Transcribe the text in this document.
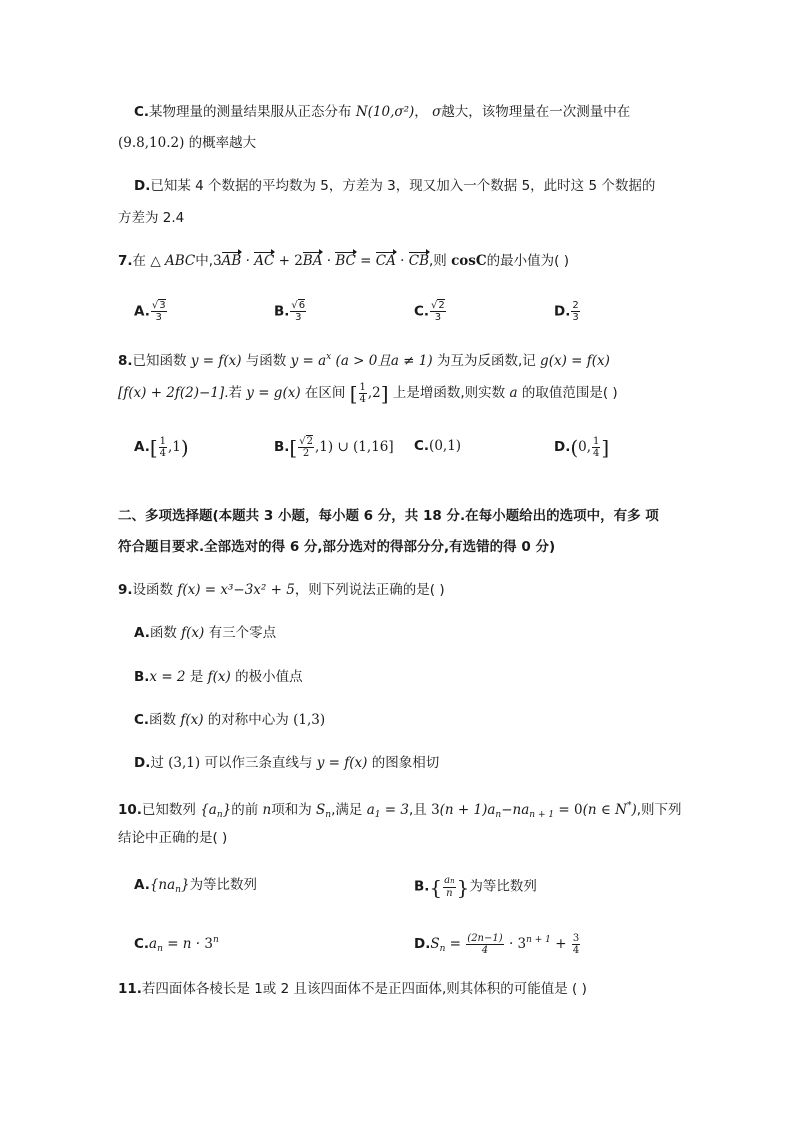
C.某物理量的测量结果服从正态分布 N(10,σ²)， σ越大，该物理量在一次测量中在
(9.8,10.2) 的概率越大
D.已知某 4 个数据的平均数为 5，方差为 3，现又加入一个数据 5，此时这 5 个数据的
方差为 2.4
7.在 △ ABC中,3AB · AC + 2BA · BC = CA · CB,则 cosC的最小值为( )
A. $\frac{√3}{3}$	B. $\frac{√6}{3}$	C. $\frac{√2}{3}$	D. $\frac{2}{3}$
8.已知函数 y = f(x) 与函数 $y = a^x$ (a > 0且a ≠ 1) 为互为反函数,记 g(x) = f(x)
[f(x) + 2f(2)−1].若 y = g(x) 在区间 [ $\frac{1}{4} ,2$] 上是增函数,则实数 a 的取值范围是( )
$A.[ \frac{1}{4} ,1)$	$B.[ \frac{√2}{2} ,1)$ ∪ (1,16] C.(0,1)	D.(0, $\frac{1}{4}$ ]
二、多项选择题(本题共 3 小题，每小题 6 分，共 18 分.在每小题给出的选项中，有多 项
符合题目要求.全部选对的得 6 分,部分选对的得部分分,有选错的得 0 分)
9.设函数 f(x) = x³−3x² + 5，则下列说法正确的是( )
A.函数 f(x) 有三个零点
B.x = 2 是 f(x) 的极小值点
C.函数 f(x) 的对称中心为 (1,3)
D.过 (3,1) 可以作三条直线与 y = f(x) 的图象相切
10.已知数列 $\{a_n\}$的前 n项和为 $S_n$,满足 $a_1 = 3$,且 $3(n + 1)a_n-na_{n + 1} = 0(n$ ∈ N*),则下列
结论中正确的是( )
$A.\{na_n\}$为等比数列	$B.\{ \frac{an}{n}$ }为等比数列
$C.a_n = n \cdot 3^n$	$D.S_n = \frac{(2n-1)}{4} \cdot 3^{n + 1} + \frac{3}{4}$
11.若四面体各棱长是 1或 2 且该四面体不是正四面体,则其体积的可能值是 ( )
